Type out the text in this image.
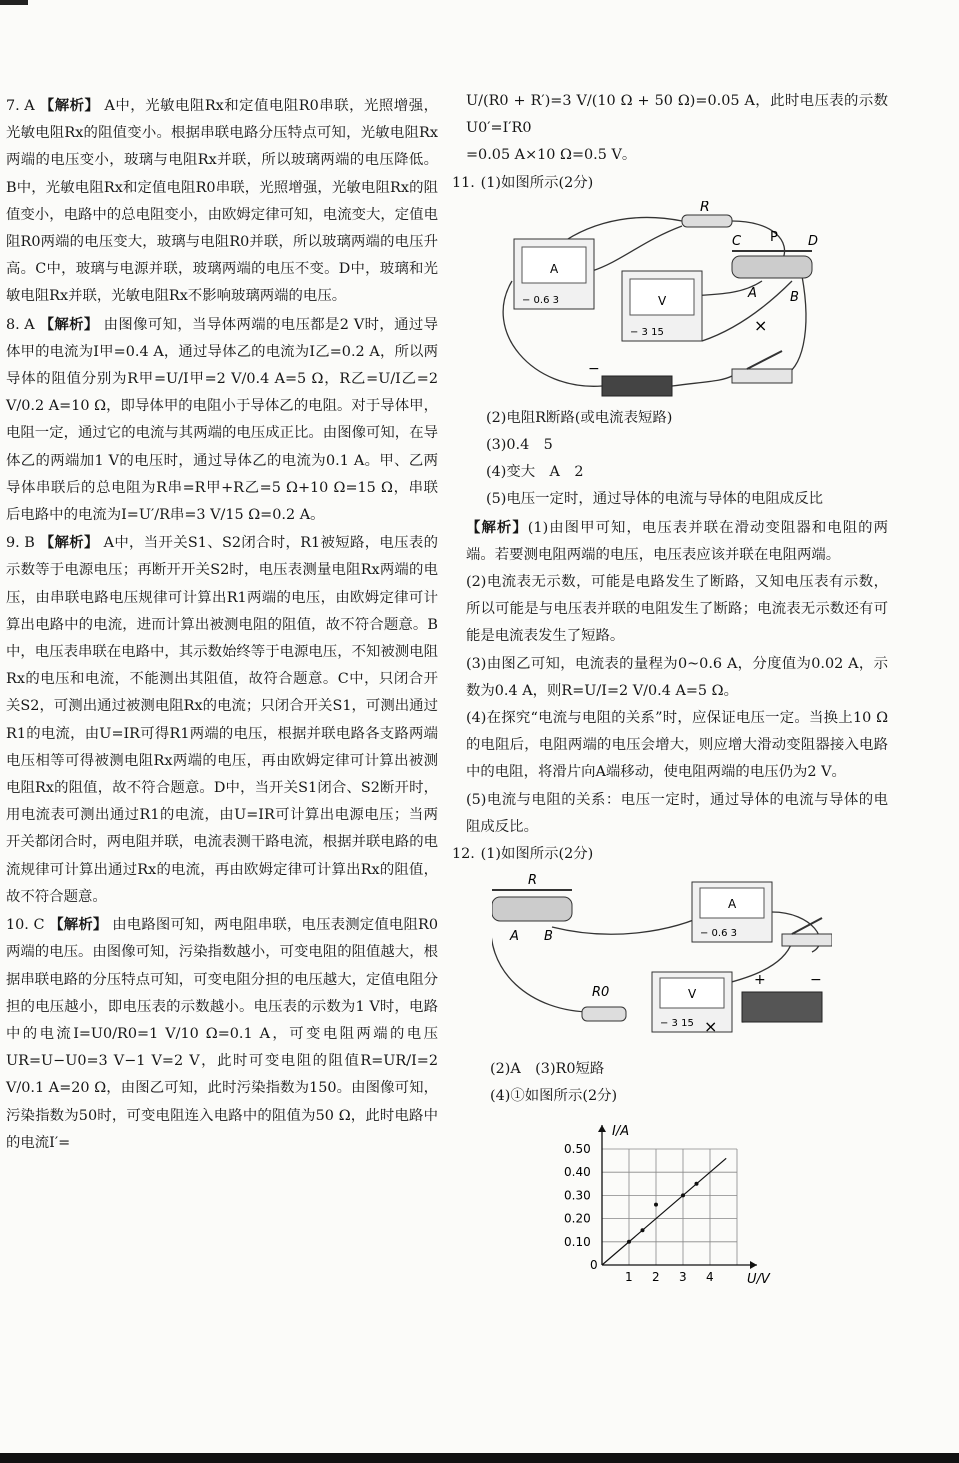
7. A 【解析】 A中，光敏电阻Rx和定值电阻R0串联，光照增强，光敏电阻Rx的阻值变小。根据串联电路分压特点可知，光敏电阻Rx两端的电压变小，玻璃与电阻Rx并联，所以玻璃两端的电压降低。B中，光敏电阻Rx和定值电阻R0串联，光照增强，光敏电阻Rx的阻值变小，电路中的总电阻变小，由欧姆定律可知，电流变大，定值电阻R0两端的电压变大，玻璃与电阻R0并联，所以玻璃两端的电压升高。C中，玻璃与电源并联，玻璃两端的电压不变。D中，玻璃和光敏电阻Rx并联，光敏电阻Rx不影响玻璃两端的电压。

8. A 【解析】 由图像可知，当导体两端的电压都是2 V时，通过导体甲的电流为I甲=0.4 A，通过导体乙的电流为I乙=0.2 A，所以两导体的阻值分别为R甲=U/I甲=2 V/0.4 A=5 Ω，R乙=U/I乙=2 V/0.2 A=10 Ω，即导体甲的电阻小于导体乙的电阻。对于导体甲，电阻一定，通过它的电流与其两端的电压成正比。由图像可知，在导体乙的两端加1 V的电压时，通过导体乙的电流为0.1 A。甲、乙两导体串联后的总电阻为R串=R甲+R乙=5 Ω+10 Ω=15 Ω，串联后电路中的电流为I=U′/R串=3 V/15 Ω=0.2 A。

9. B 【解析】 A中，当开关S1、S2闭合时，R1被短路，电压表的示数等于电源电压；再断开开关S2时，电压表测量电阻Rx两端的电压，由串联电路电压规律可计算出R1两端的电压，由欧姆定律可计算出电路中的电流，进而计算出被测电阻的阻值，故不符合题意。B中，电压表串联在电路中，其示数始终等于电源电压，不知被测电阻Rx的电压和电流，不能测出其阻值，故符合题意。C中，只闭合开关S2，可测出通过被测电阻Rx的电流；只闭合开关S1，可测出通过R1的电流，由U=IR可得R1两端的电压，根据并联电路各支路两端电压相等可得被测电阻Rx两端的电压，再由欧姆定律可计算出被测电阻Rx的阻值，故不符合题意。D中，当开关S1闭合、S2断开时，用电流表可测出通过R1的电流，由U=IR可计算出电源电压；当两开关都闭合时，两电阻并联，电流表测干路电流，根据并联电路的电流规律可计算出通过Rx的电流，再由欧姆定律可计算出Rx的阻值，故不符合题意。

10. C 【解析】 由电路图可知，两电阻串联，电压表测定值电阻R0两端的电压。由图像可知，污染指数越小，可变电阻的阻值越大，根据串联电路的分压特点可知，可变电阻分担的电压越大，定值电阻分担的电压越小，即电压表的示数越小。电压表的示数为1 V时，电路中的电流I=U0/R0=1 V/10 Ω=0.1 A，可变电阻两端的电压UR=U−U0=3 V−1 V=2 V，此时可变电阻的阻值R=UR/I=2 V/0.1 A=20 Ω，由图乙可知，此时污染指数为150。由图像可知，污染指数为50时，可变电阻连入电路中的阻值为50 Ω，此时电路中的电流I′=

U/(R0 + R′)=3 V/(10 Ω + 50 Ω)=0.05 A，此时电压表的示数U0′=I′R0

=0.05 A×10 Ω=0.5 V。

11. (1)如图所示(2分)

R
A
− 0.6 3	V
− 3 15
C P D
A	B
×
−

(2)电阻R断路(或电流表短路)

(3)0.4　5

(4)变大　A　2

(5)电压一定时，通过导体的电流与导体的电阻成反比

【解析】(1)由图甲可知，电压表并联在滑动变阻器和电阻的两端。若要测电阻两端的电压，电压表应该并联在电阻两端。

(2)电流表无示数，可能是电路发生了断路，又知电压表有示数，所以可能是与电压表并联的电阻发生了断路；电流表无示数还有可能是电流表发生了短路。

(3)由图乙可知，电流表的量程为0~0.6 A，分度值为0.02 A，示数为0.4 A，则R=U/I=2 V/0.4 A=5 Ω。

(4)在探究“电流与电阻的关系”时，应保证电压一定。当换上10 Ω的电阻后，电阻两端的电压会增大，则应增大滑动变阻器接入电路中的电阻，将滑片向A端移动，使电阻两端的电压仍为2 V。

(5)电流与电阻的关系：电压一定时，通过导体的电流与导体的电阻成反比。

12. (1)如图所示(2分)

R
A B
A
− 0.6 3
R0	V
− 3 15 ×
+	−

(2)A　(3)R0短路

(4)①如图所示(2分)

1 2 3 4
0.10
0.20
0.30
0.40
0.50
I/A
U/V
0
